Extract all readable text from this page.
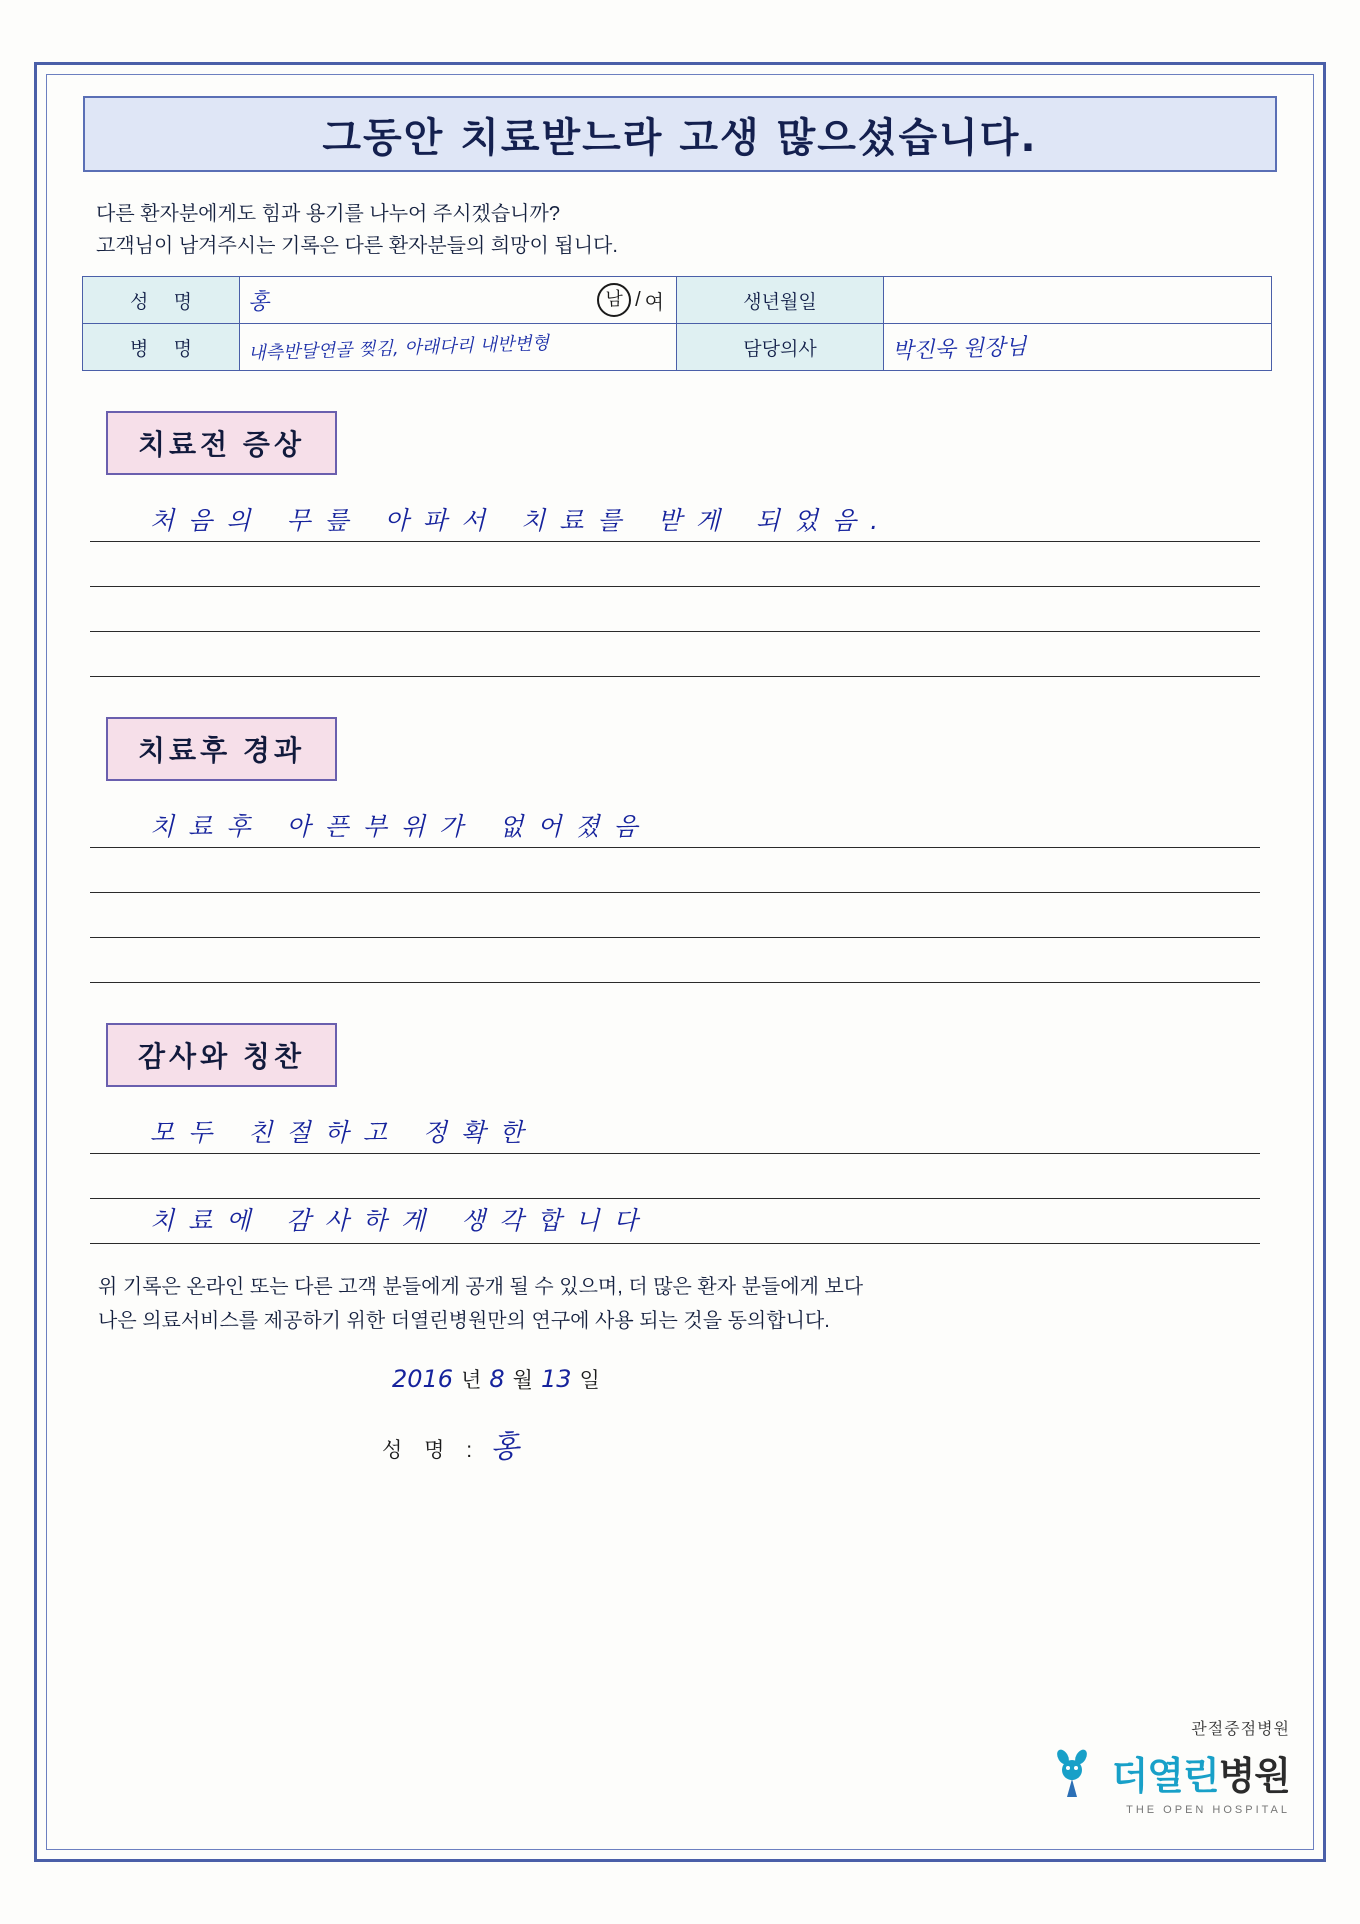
그동안 치료받느라 고생 많으셨습니다.
다른 환자분에게도 힘과 용기를 나누어 주시겠습니까?
고객님이 남겨주시는 기록은 다른 환자분들의 희망이 됩니다.
성 명	홍 남 / 여	생년월일	
병 명	내측반달연골 찢김, 아래다리 내반변형	담당의사	박진욱 원장님
치료전 증상
처음의 무릎 아파서 치료를 받게 되었음.
치료후 경과
치료후 아픈부위가 없어졌음
감사와 칭찬
모두 친절하고 정확한
치료에 감사하게 생각합니다
위 기록은 온라인 또는 다른 고객 분들에게 공개 될 수 있으며, 더 많은 환자 분들에게 보다
나은 의료서비스를 제공하기 위한 더열린병원만의 연구에 사용 되는 것을 동의합니다.
2016 년 8 월 13 일
성 명 : 홍
관절중점병원
더열린병원
THE OPEN HOSPITAL
